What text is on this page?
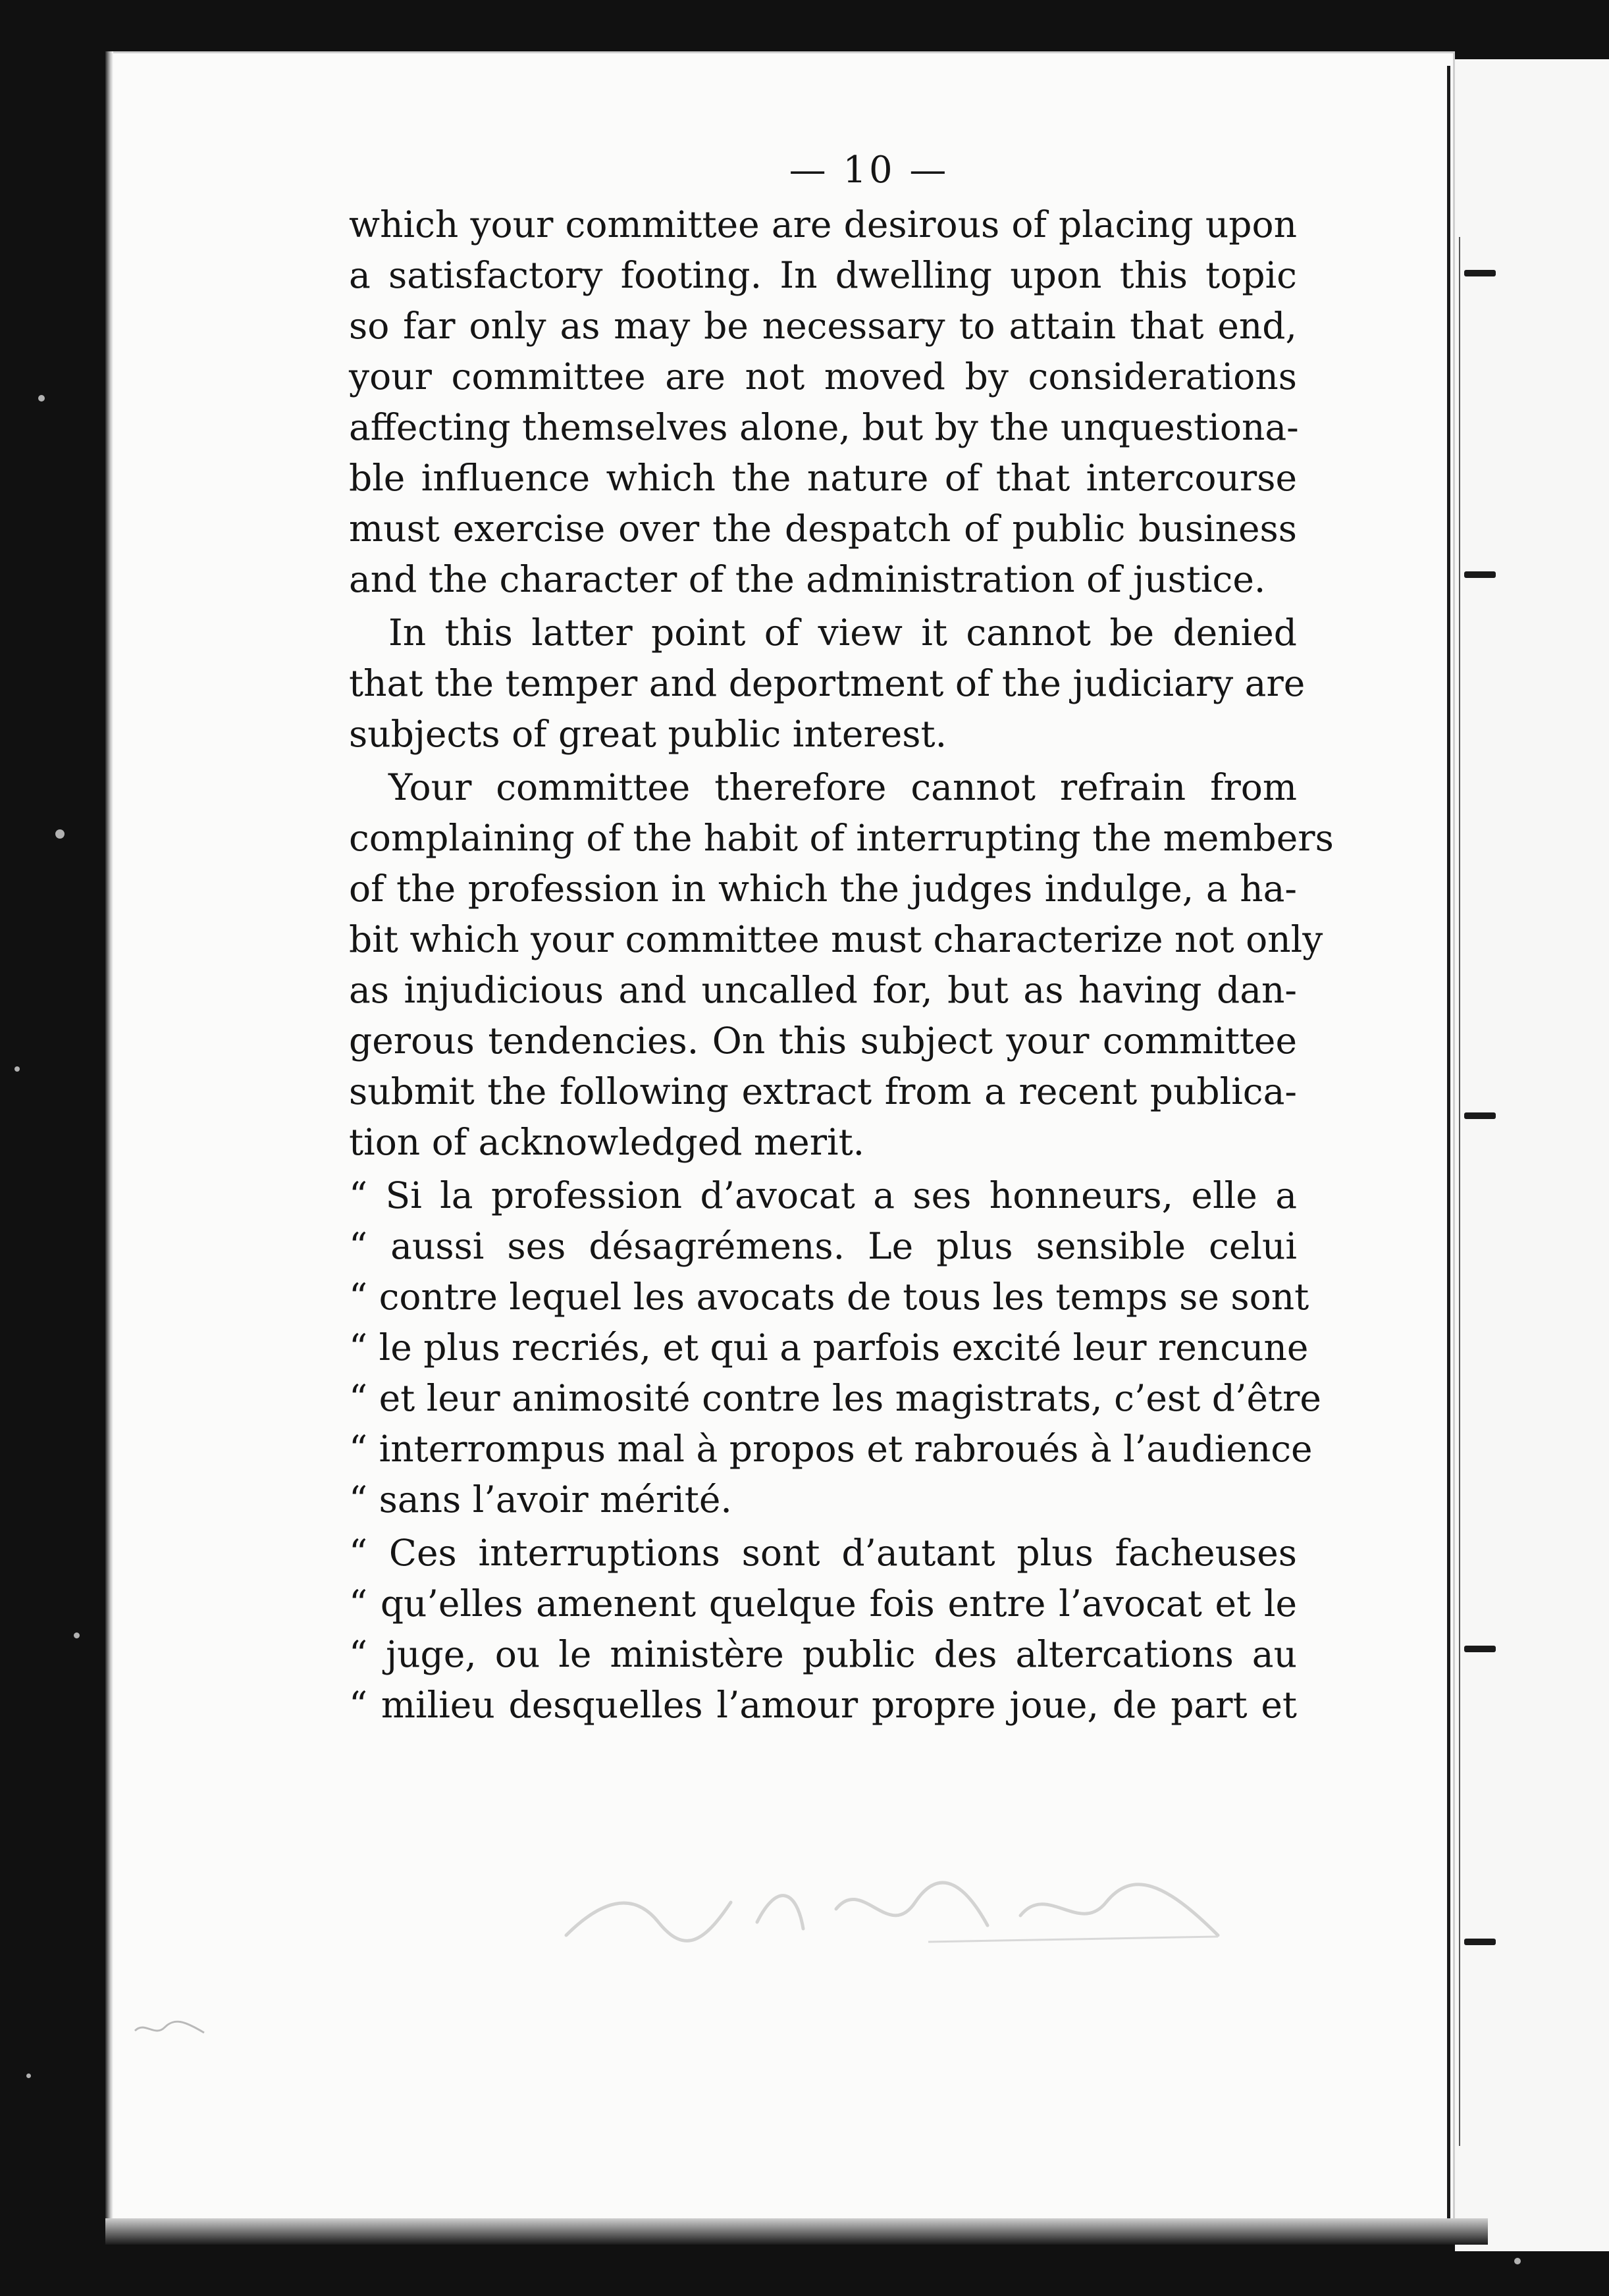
— 10 —
which your committee are desirous of placing upon
a satisfactory footing. In dwelling upon this topic
so far only as may be necessary to attain that end,
your committee are not moved by considerations
affecting themselves alone, but by the unquestiona-
ble influence which the nature of that intercourse
must exercise over the despatch of public business
and the character of the administration of justice.
In this latter point of view it cannot be denied
that the temper and deportment of the judiciary are
subjects of great public interest.
Your committee therefore cannot refrain from
complaining of the habit of interrupting the members
of the profession in which the judges indulge, a ha-
bit which your committee must characterize not only
as injudicious and uncalled for, but as having dan-
gerous tendencies. On this subject your committee
submit the following extract from a recent publica-
tion of acknowledged merit.
“ Si la profession d’avocat a ses honneurs, elle a
“ aussi ses désagrémens. Le plus sensible celui
“ contre lequel les avocats de tous les temps se sont
“ le plus recriés, et qui a parfois excité leur rencune
“ et leur animosité contre les magistrats, c’est d’être
“ interrompus mal à propos et rabroués à l’audience
“ sans l’avoir mérité.
“ Ces interruptions sont d’autant plus facheuses
“ qu’elles amenent quelque fois entre l’avocat et le
“ juge, ou le ministère public des altercations au
“ milieu desquelles l’amour propre joue, de part et
